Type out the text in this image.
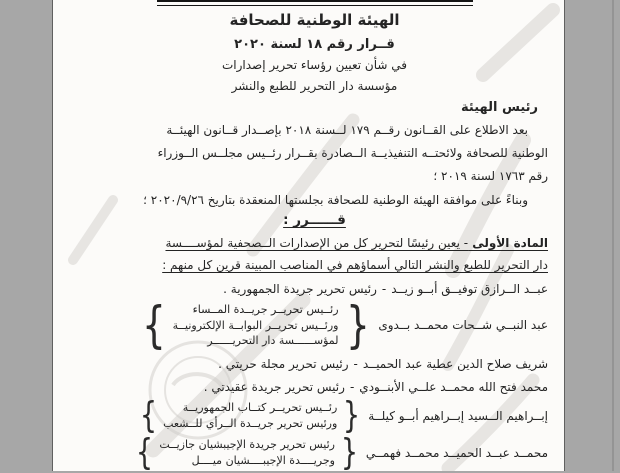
الهيئة الوطنية للصحافة
قــرار رقم ١٨ لسنة ٢٠٢٠
في شأن تعيين رؤساء تحرير إصدارات
مؤسسة دار التحرير للطبع والنشر
رئيس الهيئة
بعد الاطلاع على القــانون رقــم ١٧٩ لــسنة ٢٠١٨ بإصــدار قــانون الهيئــة
الوطنية للصحافة ولائحتــه التنفيذيــة الــصادرة بقــرار رئــيس مجلــس الــوزراء
رقم ١٧٦٣ لسنة ٢٠١٩ ؛
وبناءً على موافقة الهيئة الوطنية للصحافة بجلستها المنعقدة بتاريخ ٢٠٢٠/٩/٢٦ ؛
قــــــرر :
المادة الأولى - يعين رئيسًا لتحرير كل من الإصدارات الــصحفية لمؤســــسة
دار التحرير للطبع والنشر التالي أسماؤهم في المناصب المبينة قرين كل منهم :
عبــد الــرازق توفيــق أبــو زيــد-رئيس تحرير جريدة الجمهورية .
عبد النبــي شــحات محمــد بــدوى
}
رئــيس تحريــر جريــدة المــساء
ورئــيس تحريــر البوابــة الإلكترونيــة
لمؤســــــسة دار التحريــــــر
{
شريف صلاح الدين عطية عبد الحميــد-رئيس تحرير مجلة حريتي .
محمد فتح الله محمــد علــي الأبنــودي-رئيس تحرير جريدة عقيدتي .
إبــراهيم الــسيد إبــراهيم أبــو كيلــة
}
رئــيس تحريــر كتــاب الجمهوريــة
ورئيس تحرير جريــدة الــرأي للــشعب
{
محمــد عبــد الحميــد محمــد فهمــي
}
رئيس تحرير جريدة الإجيبشيان جازيــت
وجريــــدة الإجيبــــشيان ميــــل
{
